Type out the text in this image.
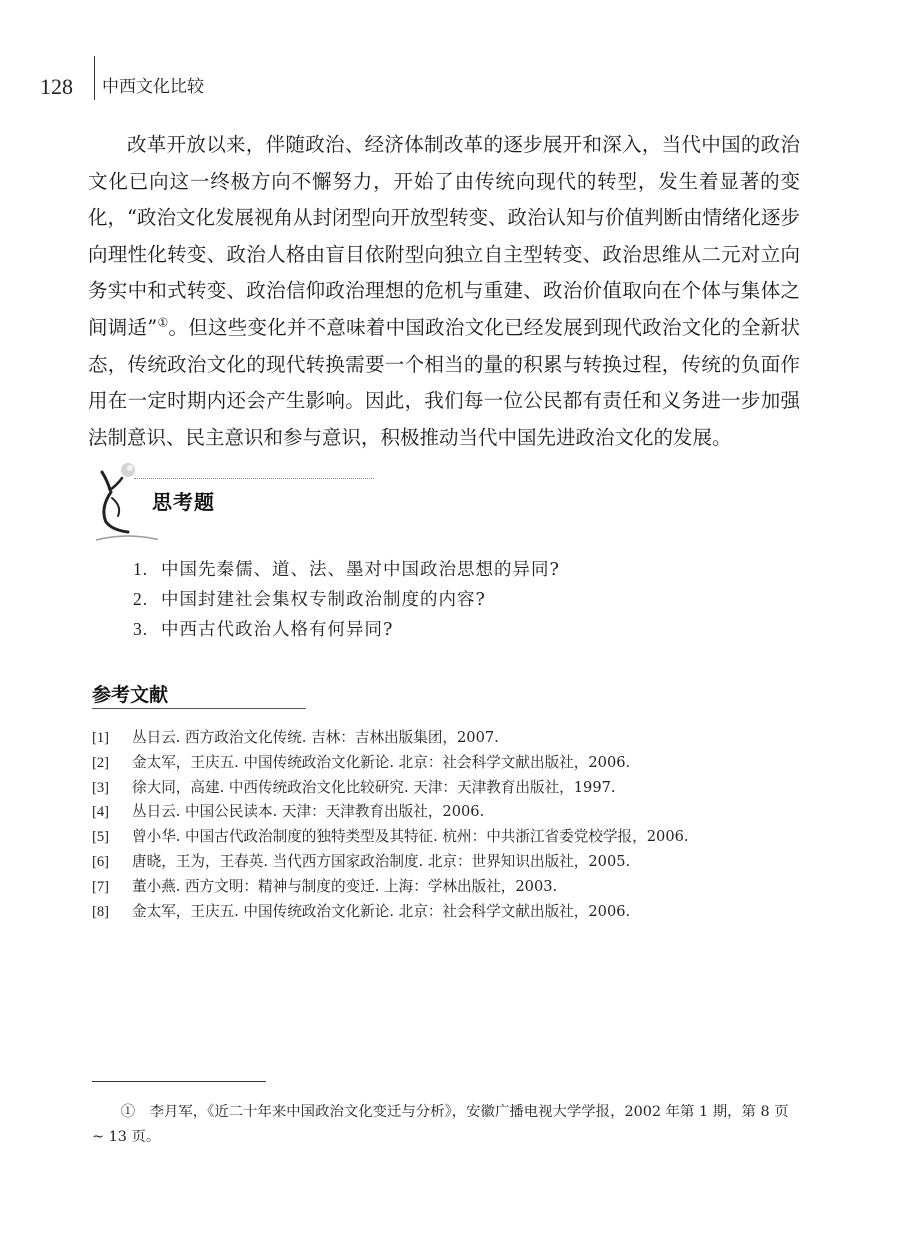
128 中西文化比较

改革开放以来，伴随政治、经济体制改革的逐步展开和深入，当代中国的政治文化已向这一终极方向不懈努力，开始了由传统向现代的转型，发生着显著的变化，“政治文化发展视角从封闭型向开放型转变、政治认知与价值判断由情绪化逐步向理性化转变、政治人格由盲目依附型向独立自主型转变、政治思维从二元对立向务实中和式转变、政治信仰政治理想的危机与重建、政治价值取向在个体与集体之间调适”①。但这些变化并不意味着中国政治文化已经发展到现代政治文化的全新状态，传统政治文化的现代转换需要一个相当的量的积累与转换过程，传统的负面作用在一定时期内还会产生影响。因此，我们每一位公民都有责任和义务进一步加强法制意识、民主意识和参与意识，积极推动当代中国先进政治文化的发展。

思考题
1. 中国先秦儒、道、法、墨对中国政治思想的异同?
2. 中国封建社会集权专制政治制度的内容?
3. 中西古代政治人格有何异同?
参考文献
[1] 丛日云. 西方政治文化传统. 吉林：吉林出版集团，2007.
[2] 金太军，王庆五. 中国传统政治文化新论. 北京：社会科学文献出版社，2006.
[3] 徐大同，高建. 中西传统政治文化比较研究. 天津：天津教育出版社，1997.
[4] 丛日云. 中国公民读本. 天津：天津教育出版社，2006.
[5] 曾小华. 中国古代政治制度的独特类型及其特征. 杭州：中共浙江省委党校学报，2006.
[6] 唐晓，王为，王春英. 当代西方国家政治制度. 北京：世界知识出版社，2005.
[7] 董小燕. 西方文明：精神与制度的变迁. 上海：学林出版社，2003.
[8] 金太军，王庆五. 中国传统政治文化新论. 北京：社会科学文献出版社，2006.

①　李月军，《近二十年来中国政治文化变迁与分析》，安徽广播电视大学学报，2002 年第 1 期，第 8 页 ~ 13 页。
